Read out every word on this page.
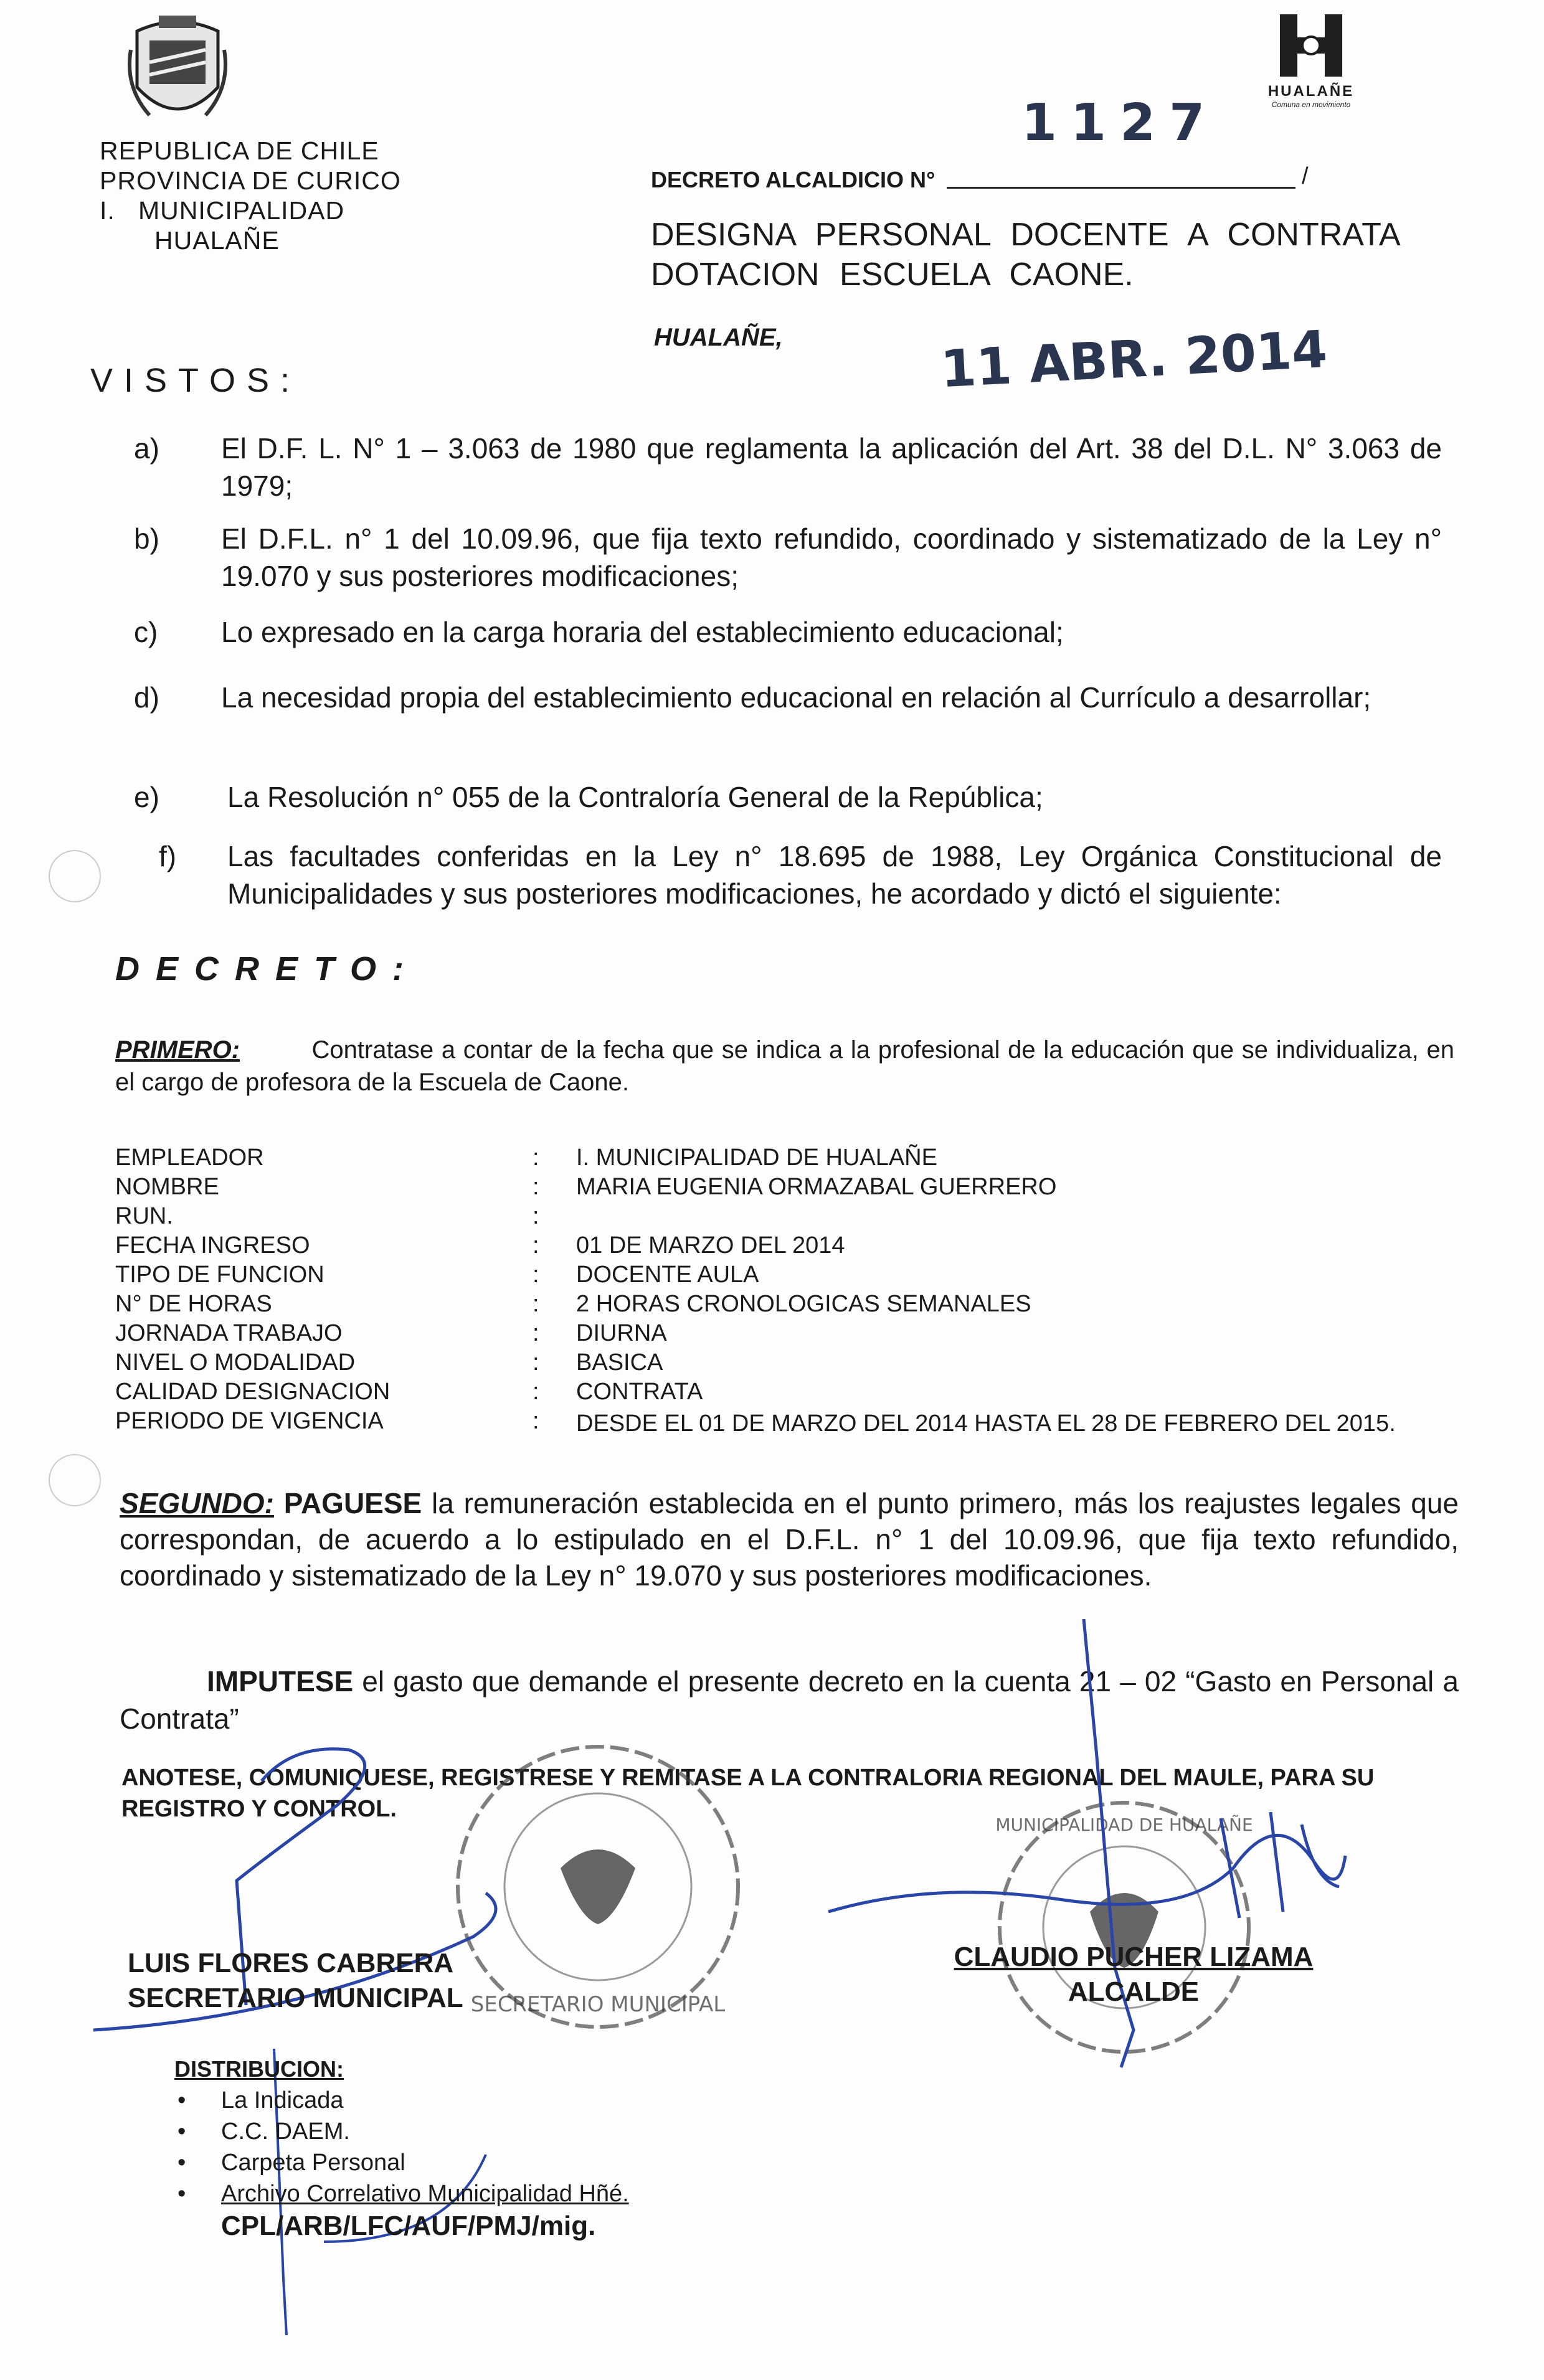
REPUBLICA DE CHILE
PROVINCIA DE CURICO
I.   MUNICIPALIDAD
HUALAÑE
HUALAÑE
Comuna en movimiento
DECRETO ALCALDICIO N°	/
1127
DESIGNA PERSONAL DOCENTE A CONTRATA DOTACION ESCUELA CAONE.
HUALAÑE,	11 ABR. 2014
VISTOS:
a) El D.F. L. N° 1 – 3.063 de 1980 que reglamenta la aplicación del Art. 38 del D.L. N° 3.063 de 1979;
b) El D.F.L. n° 1 del 10.09.96, que fija texto refundido, coordinado y sistematizado de la Ley n° 19.070 y sus posteriores modificaciones;
c) Lo expresado en la carga horaria del establecimiento educacional;
d) La necesidad propia del establecimiento educacional en relación al Currículo a desarrollar;
e) La Resolución n° 055 de la Contraloría General de la República;
f) Las facultades conferidas en la Ley n° 18.695 de 1988, Ley Orgánica Constitucional de Municipalidades y sus posteriores modificaciones, he acordado y dictó el siguiente:
DECRETO:
PRIMERO:	Contratase a contar de la fecha que se indica a la profesional de la educación que se individualiza, en el cargo de profesora de la Escuela de Caone.
EMPLEADOR	: I. MUNICIPALIDAD DE HUALAÑE
NOMBRE	: MARIA EUGENIA ORMAZABAL GUERRERO
RUN.	:
FECHA INGRESO	: 01 DE MARZO DEL 2014
TIPO DE FUNCION	: DOCENTE AULA
N° DE HORAS	: 2 HORAS CRONOLOGICAS SEMANALES
JORNADA TRABAJO	: DIURNA
NIVEL O MODALIDAD	: BASICA
CALIDAD DESIGNACION	: CONTRATA
PERIODO DE VIGENCIA	: DESDE EL 01 DE MARZO DEL 2014 HASTA EL 28 DE FEBRERO DEL 2015.
SEGUNDO: PAGUESE la remuneración establecida en el punto primero, más los reajustes legales que correspondan, de acuerdo a lo estipulado en el D.F.L. n° 1 del 10.09.96, que fija texto refundido, coordinado y sistematizado de la Ley n° 19.070 y sus posteriores modificaciones.
IMPUTESE el gasto que demande el presente decreto en la cuenta 21 – 02 “Gasto en Personal a Contrata”
ANOTESE, COMUNIQUESE, REGISTRESE Y REMITASE A LA CONTRALORIA REGIONAL DEL MAULE, PARA SU REGISTRO Y CONTROL.
SECRETARIO MUNICIPAL
MUNICIPALIDAD DE HUALAÑE
LUIS FLORES CABRERA
SECRETARIO MUNICIPAL
CLAUDIO PUCHER LIZAMA
ALCALDE
DISTRIBUCION:
• La Indicada
• C.C. DAEM.
• Carpeta Personal
• Archivo Correlativo Municipalidad Hñé.
CPL/ARB/LFC/AUF/PMJ/mig.
